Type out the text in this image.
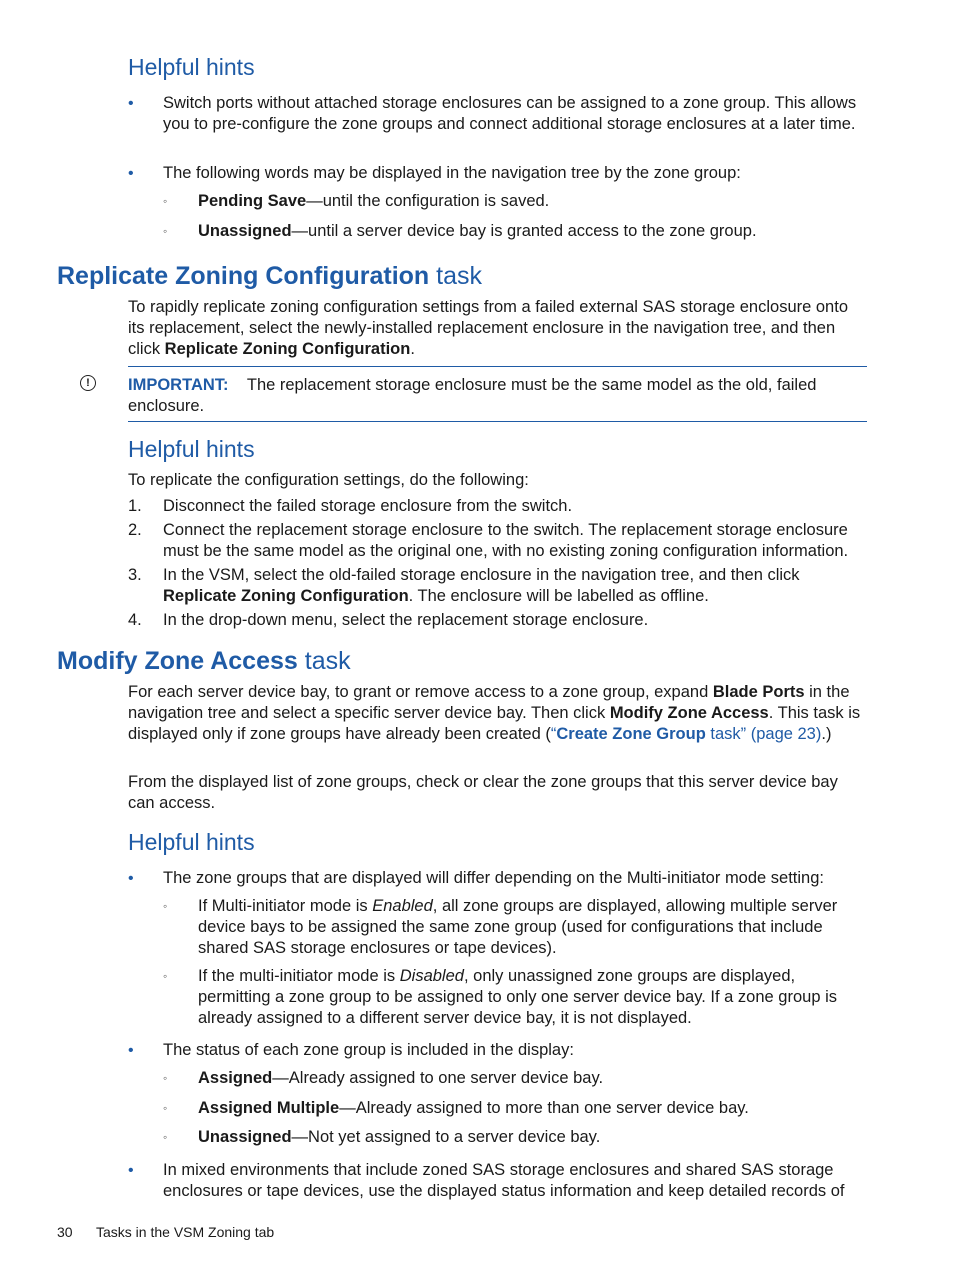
Helpful hints
• Switch ports without attached storage enclosures can be assigned to a zone group. This allows you to pre-configure the zone groups and connect additional storage enclosures at a later time.

• The following words may be displayed in the navigation tree by the zone group:

◦ Pending Save—until the configuration is saved.

◦ Unassigned—until a server device bay is granted access to the zone group.

Replicate Zoning Configuration task

To rapidly replicate zoning configuration settings from a failed external SAS storage enclosure onto its replacement, select the newly-installed replacement enclosure in the navigation tree, and then click Replicate Zoning Configuration.

!	IMPORTANT: The replacement storage enclosure must be the same model as the old, failed enclosure.

Helpful hints

To replicate the configuration settings, do the following:

1. Disconnect the failed storage enclosure from the switch.

2. Connect the replacement storage enclosure to the switch. The replacement storage enclosure must be the same model as the original one, with no existing zoning configuration information.

3. In the VSM, select the old-failed storage enclosure in the navigation tree, and then click Replicate Zoning Configuration. The enclosure will be labelled as offline.

4. In the drop-down menu, select the replacement storage enclosure.

Modify Zone Access task

For each server device bay, to grant or remove access to a zone group, expand Blade Ports in the navigation tree and select a specific server device bay. Then click Modify Zone Access. This task is displayed only if zone groups have already been created (“Create Zone Group task” (page 23).)

From the displayed list of zone groups, check or clear the zone groups that this server device bay can access.

Helpful hints
• The zone groups that are displayed will differ depending on the Multi-initiator mode setting:

◦ If Multi-initiator mode is Enabled, all zone groups are displayed, allowing multiple server device bays to be assigned the same zone group (used for configurations that include shared SAS storage enclosures or tape devices).

◦ If the multi-initiator mode is Disabled, only unassigned zone groups are displayed, permitting a zone group to be assigned to only one server device bay. If a zone group is already assigned to a different server device bay, it is not displayed.

• The status of each zone group is included in the display:

◦ Assigned—Already assigned to one server device bay.

◦ Assigned Multiple—Already assigned to more than one server device bay.

◦ Unassigned—Not yet assigned to a server device bay.

• In mixed environments that include zoned SAS storage enclosures and shared SAS storage enclosures or tape devices, use the displayed status information and keep detailed records of

30 Tasks in the VSM Zoning tab
